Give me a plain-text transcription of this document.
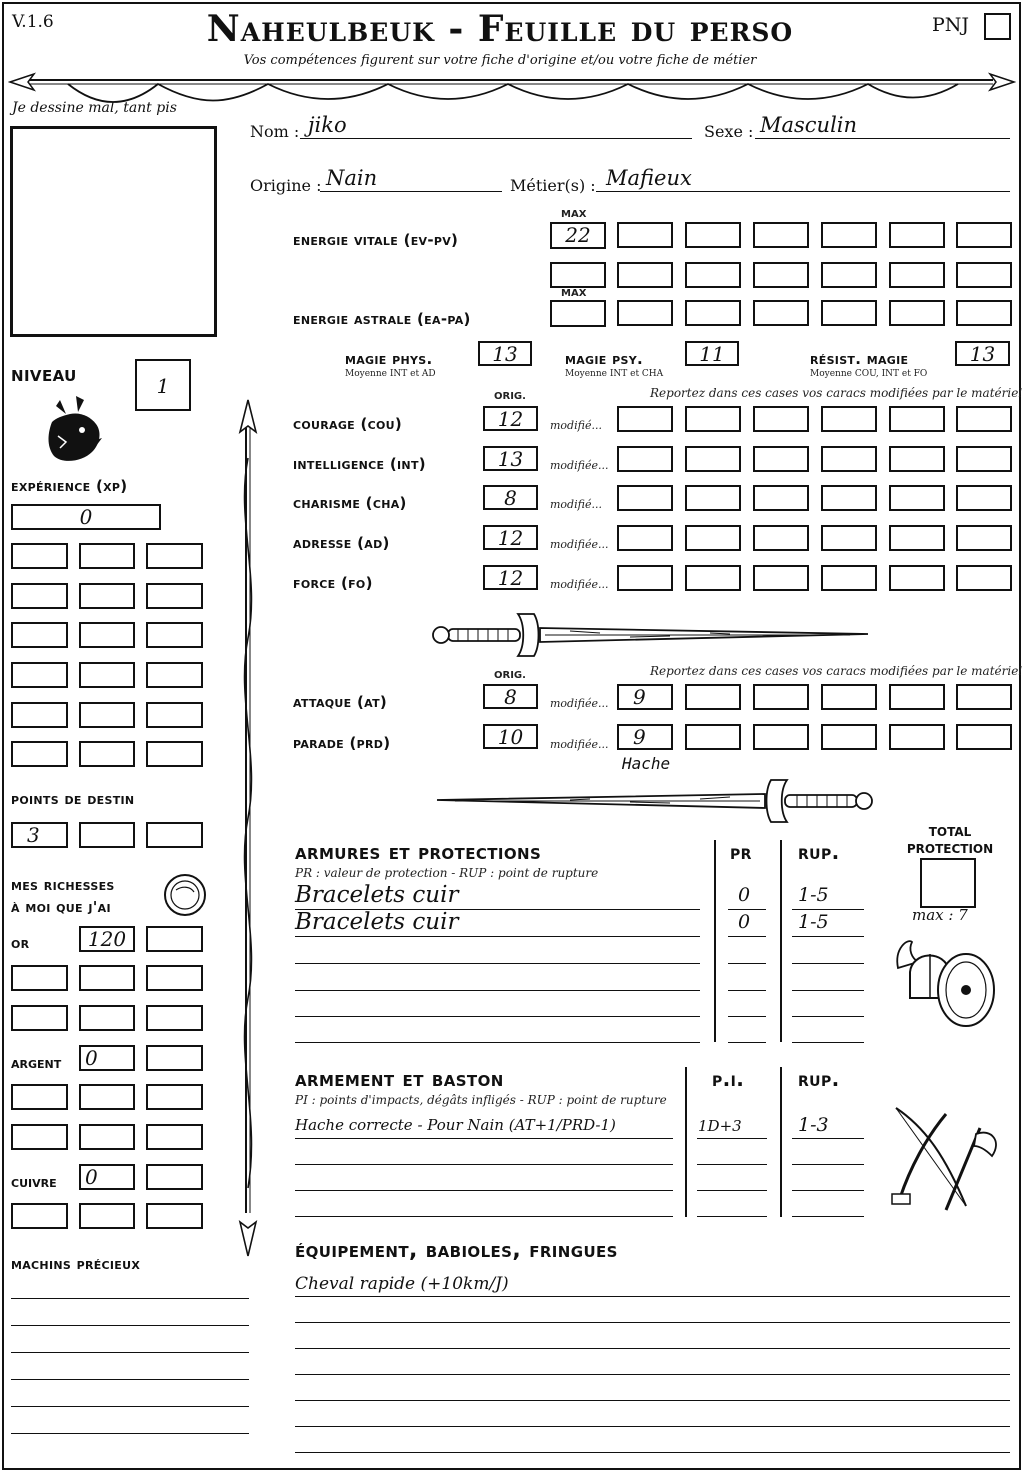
V.1.6	Naheulbeuk - Feuille du perso
Vos compétences figurent sur votre fiche d'origine et/ou votre fiche de métier
PNJ
Je dessine mal, tant pis
Nom : jiko	Sexe : Masculin
Origine : Nain	Métier(s) : Mafieux
MAX
energie vitale (ev-pv)	22
MAX
energie astrale (ea-pa)
magie phys.
Moyenne INT et AD
13	magie psy.
Moyenne INT et CHA
11	résist. magie
Moyenne COU, INT et FO
13
ORIG.	Reportez dans ces cases vos caracs modifiées par le matériel
ORIG.	Reportez dans ces cases vos caracs modifiées par le matériel
attaque (at)	8	modifiée...	9
parade (prd)	10	modifiée...	9
Hache
niveau	1
expérience (xp)
0
points de destin
3
mes richesses
à moi que j'ai
or	120
ARGENT	0
CUIVRE	0
machins précieux
armures et protections
PR : valeur de protection - RUP : point de rupture
pr rup.
TOTAL
PROTECTION
max : 7
armement et baston
PI : points d'impacts, dégâts infligés - RUP : point de rupture
p.i.	rup.
équipement, babioles, fringues
courage (cou)	12	modifié...
intelligence (int)	13	modifiée...
charisme (cha)	8	modifié...
adresse (ad)	12	modifiée...
force (fo)	12	modifiée...
Bracelets cuir	0	1-5
Bracelets cuir	0	1-5
Hache correcte - Pour Nain (AT+1/PRD-1)	1D+3	1-3
Cheval rapide (+10km/J)
